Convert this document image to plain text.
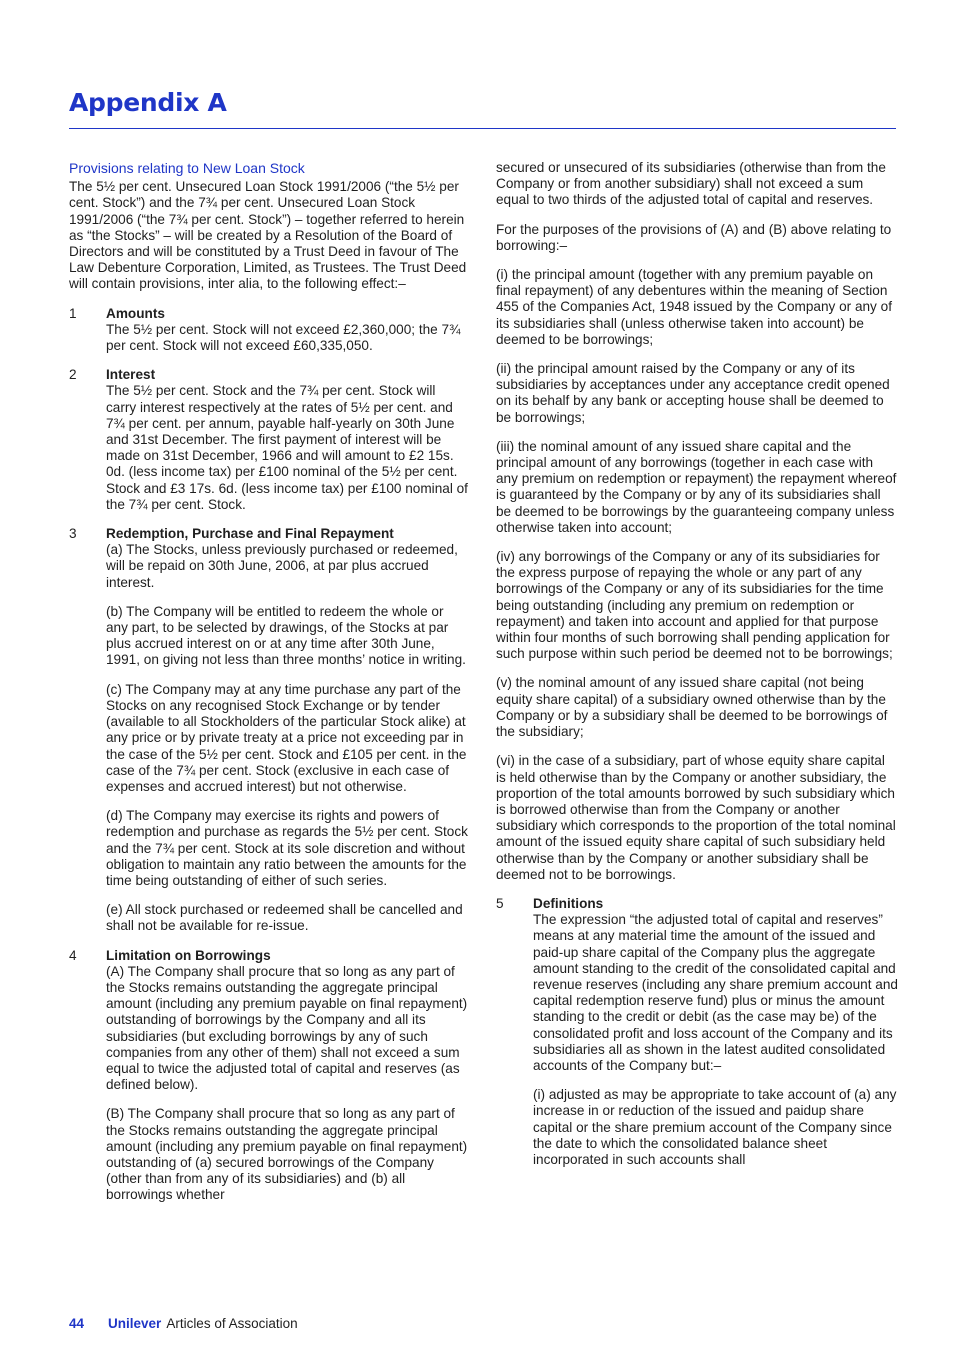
Appendix A
Provisions relating to New Loan Stock

The 5½ per cent. Unsecured Loan Stock 1991/2006 (“the 5½ per cent. Stock”) and the 7¾ per cent. Unsecured Loan Stock 1991/2006 (“the 7¾ per cent. Stock”) – together referred to herein as “the Stocks” – will be created by a Resolution of the Board of Directors and will be constituted by a Trust Deed in favour of The Law Debenture Corporation, Limited, as Trustees. The Trust Deed will contain provisions, inter alia, to the following effect:–

1 Amounts

The 5½ per cent. Stock will not exceed £2,360,000; the 7¾ per cent. Stock will not exceed £60,335,050.

2 Interest

The 5½ per cent. Stock and the 7¾ per cent. Stock will carry interest respectively at the rates of 5½ per cent. and 7¾ per cent. per annum, payable half-yearly on 30th June and 31st December. The first payment of interest will be made on 31st December, 1966 and will amount to £2 15s. 0d. (less income tax) per £100 nominal of the 5½ per cent. Stock and £3 17s. 6d. (less income tax) per £100 nominal of the 7¾ per cent. Stock.

3 Redemption, Purchase and Final Repayment

(a) The Stocks, unless previously purchased or redeemed, will be repaid on 30th June, 2006, at par plus accrued interest.

(b) The Company will be entitled to redeem the whole or any part, to be selected by drawings, of the Stocks at par plus accrued interest on or at any time after 30th June, 1991, on giving not less than three months’ notice in writing.

(c) The Company may at any time purchase any part of the Stocks on any recognised Stock Exchange or by tender (available to all Stockholders of the particular Stock alike) at any price or by private treaty at a price not exceeding par in the case of the 5½ per cent. Stock and £105 per cent. in the case of the 7¾ per cent. Stock (exclusive in each case of expenses and accrued interest) but not otherwise.

(d) The Company may exercise its rights and powers of redemption and purchase as regards the 5½ per cent. Stock and the 7¾ per cent. Stock at its sole discretion and without obligation to maintain any ratio between the amounts for the time being outstanding of either of such series.

(e) All stock purchased or redeemed shall be cancelled and shall not be available for re-issue.

4 Limitation on Borrowings

(A) The Company shall procure that so long as any part of the Stocks remains outstanding the aggregate principal amount (including any premium payable on final repayment) outstanding of borrowings by the Company and all its subsidiaries (but excluding borrowings by any of such companies from any other of them) shall not exceed a sum equal to twice the adjusted total of capital and reserves (as defined below).

(B) The Company shall procure that so long as any part of the Stocks remains outstanding the aggregate principal amount (including any premium payable on final repayment) outstanding of (a) secured borrowings of the Company (other than from any of its subsidiaries) and (b) all borrowings whether

secured or unsecured of its subsidiaries (otherwise than from the Company or from another subsidiary) shall not exceed a sum equal to two thirds of the adjusted total of capital and reserves.

For the purposes of the provisions of (A) and (B) above relating to borrowing:–

(i) the principal amount (together with any premium payable on final repayment) of any debentures within the meaning of Section 455 of the Companies Act, 1948 issued by the Company or any of its subsidiaries shall (unless otherwise taken into account) be deemed to be borrowings;

(ii) the principal amount raised by the Company or any of its subsidiaries by acceptances under any acceptance credit opened on its behalf by any bank or accepting house shall be deemed to be borrowings;

(iii) the nominal amount of any issued share capital and the principal amount of any borrowings (together in each case with any premium on redemption or repayment) the repayment whereof is guaranteed by the Company or by any of its subsidiaries shall be deemed to be borrowings by the guaranteeing company unless otherwise taken into account;

(iv) any borrowings of the Company or any of its subsidiaries for the express purpose of repaying the whole or any part of any borrowings of the Company or any of its subsidiaries for the time being outstanding (including any premium on redemption or repayment) and taken into account and applied for that purpose within four months of such borrowing shall pending application for such purpose within such period be deemed not to be borrowings;

(v) the nominal amount of any issued share capital (not being equity share capital) of a subsidiary owned otherwise than by the Company or by a subsidiary shall be deemed to be borrowings of the subsidiary;

(vi) in the case of a subsidiary, part of whose equity share capital is held otherwise than by the Company or another subsidiary, the proportion of the total amounts borrowed by such subsidiary which is borrowed otherwise than from the Company or another subsidiary which corresponds to the proportion of the total nominal amount of the issued equity share capital of such subsidiary held otherwise than by the Company or another subsidiary shall be deemed not to be borrowings.

5 Definitions

The expression “the adjusted total of capital and reserves” means at any material time the amount of the issued and paid-up share capital of the Company plus the aggregate amount standing to the credit of the consolidated capital and revenue reserves (including any share premium account and capital redemption reserve fund) plus or minus the amount standing to the credit or debit (as the case may be) of the consolidated profit and loss account of the Company and its subsidiaries all as shown in the latest audited consolidated accounts of the Company but:–

(i) adjusted as may be appropriate to take account of (a) any increase in or reduction of the issued and paidup share capital or the share premium account of the Company since the date to which the consolidated balance sheet incorporated in such accounts shall

44 Unilever Articles of Association
